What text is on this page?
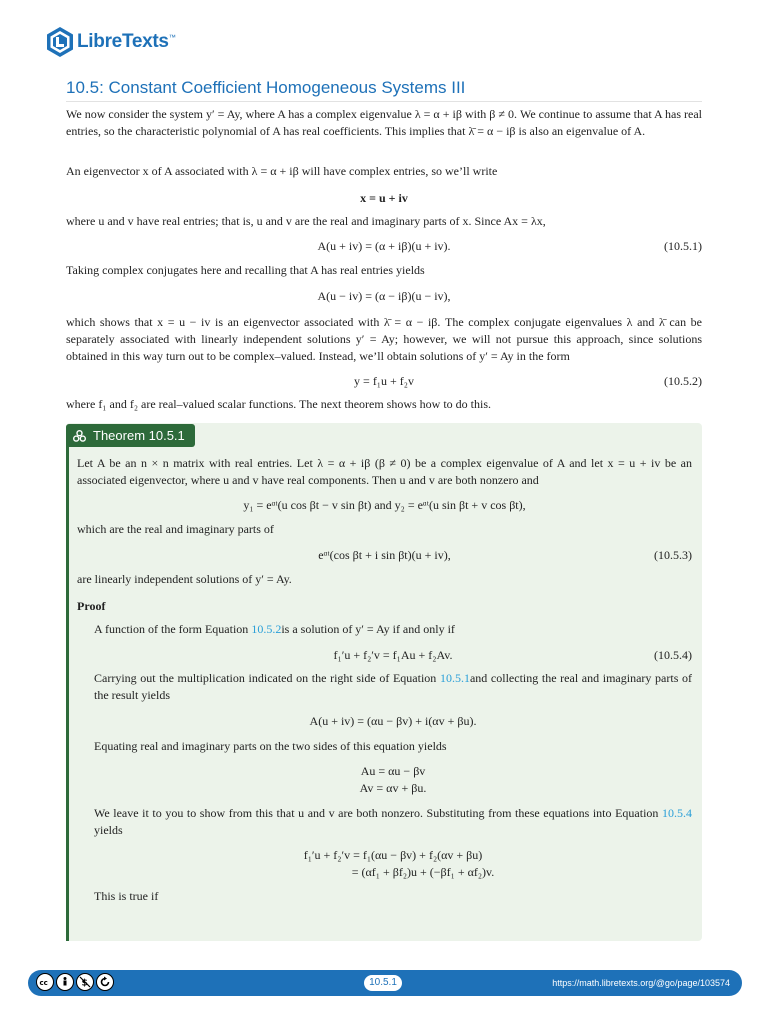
LibreTexts™
10.5: Constant Coefficient Homogeneous Systems III

We now consider the system y′ = Ay, where A has a complex eigenvalue λ = α + iβ with β ≠ 0. We continue to assume that A has real entries, so the characteristic polynomial of A has real coefficients. This implies that λ̄ = α − iβ is also an eigenvalue of A.

An eigenvector x of A associated with λ = α + iβ will have complex entries, so we’ll write

x = u + iv

where u and v have real entries; that is, u and v are the real and imaginary parts of x. Since Ax = λx,

A(u + iv) = (α + iβ)(u + iv).	(10.5.1)

Taking complex conjugates here and recalling that A has real entries yields

A(u − iv) = (α − iβ)(u − iv),

which shows that x = u − iv is an eigenvector associated with λ̄ = α − iβ. The complex conjugate eigenvalues λ and λ̄ can be separately associated with linearly independent solutions y′ = Ay; however, we will not pursue this approach, since solutions obtained in this way turn out to be complex–valued. Instead, we’ll obtain solutions of y′ = Ay in the form

y = f₁u + f₂v	(10.5.2)

where f₁ and f₂ are real–valued scalar functions. The next theorem shows how to do this.

Theorem 10.5.1

Let A be an n × n matrix with real entries. Let λ = α + iβ (β ≠ 0) be a complex eigenvalue of A and let x = u + iv be an associated eigenvector, where u and v have real components. Then u and v are both nonzero and

y₁ = eᵅᵗ(u cos βt − v sin βt) and y₂ = eᵅᵗ(u sin βt + v cos βt),

which are the real and imaginary parts of

eᵅᵗ(cos βt + i sin βt)(u + iv),	(10.5.3)

are linearly independent solutions of y′ = Ay.

Proof

A function of the form Equation 10.5.2is a solution of y′ = Ay if and only if

f₁′u + f₂′v = f₁Au + f₂Av.	(10.5.4)

Carrying out the multiplication indicated on the right side of Equation 10.5.1and collecting the real and imaginary parts of the result yields

A(u + iv) = (αu − βv) + i(αv + βu).

Equating real and imaginary parts on the two sides of this equation yields

Au = αu − βv
Av = αv + βu.

We leave it to you to show from this that u and v are both nonzero. Substituting from these equations into Equation 10.5.4 yields

f₁′u + f₂′v = f₁(αu − βv) + f₂(αv + βu)
= (αf₁ + βf₂)u + (−βf₁ + αf₂)v.

This is true if

cc	$	10.5.1	https://math.libretexts.org/@go/page/103574
